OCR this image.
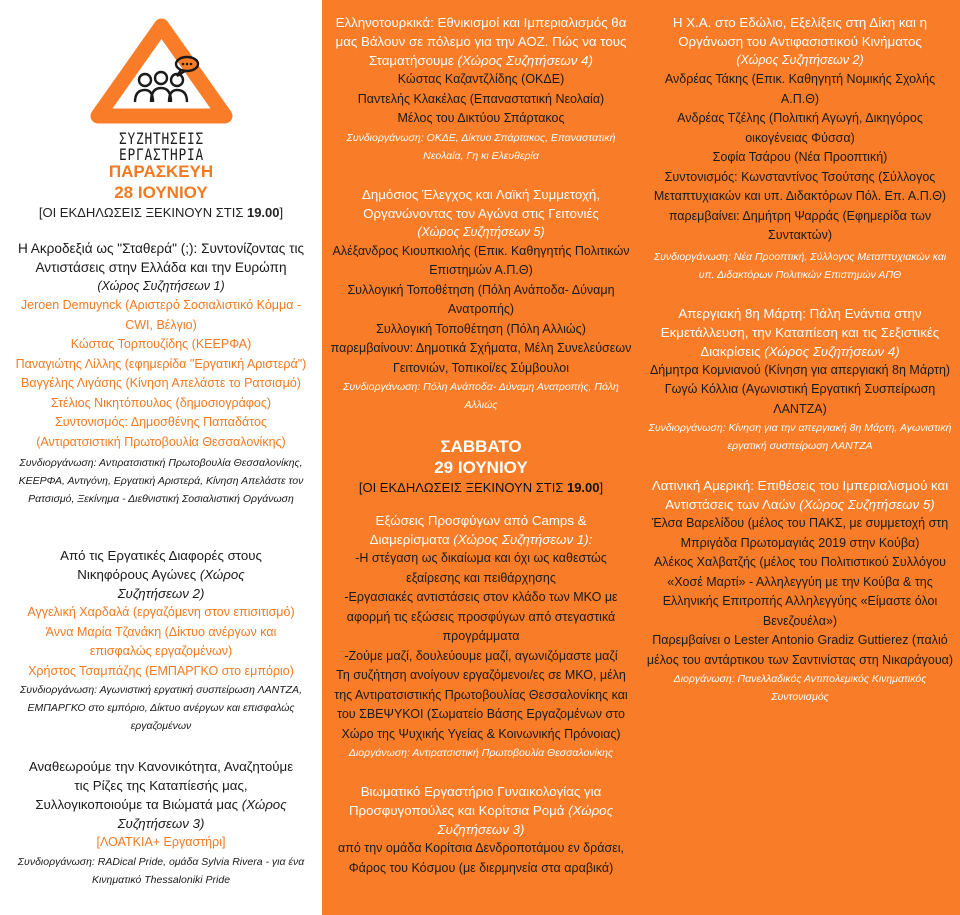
ΣΥΖΗΤΗΣΕΙΣ
ΕΡΓΑΣΤΗΡΙΑ
ΠΑΡΑΣΚΕΥΗ
28 ΙΟΥΝΙΟΥ
[ΟΙ ΕΚΔΗΛΩΣΕΙΣ ΞΕΚΙΝΟΥΝ ΣΤΙΣ 19.00]
Η Ακροδεξιά ως "Σταθερά" (;): Συντονίζοντας τις Αντιστάσεις στην Ελλάδα και την Ευρώπη
(Χώρος Συζητήσεων 1)
Jeroen Demuynck (Αριστερό Σοσιαλιστικό Κόμμα - CWI, Βέλγιο)
Κώστας Τορπουζίδης (ΚΕΕΡΦΑ)
Παναγιώτης Λίλλης (εφημερίδα "Εργατική Αριστερά")
Βαγγέλης Λιγάσης (Κίνηση Απελάστε το Ρατσισμό)
Στέλιος Νικητόπουλος (δημοσιογράφος)
Συντονισμός: Δημοσθένης Παπαδάτος (Αντιρατσιστική Πρωτοβουλία Θεσσαλονίκης)
Συνδιοργάνωση: Αντιρατσιστική Πρωτοβουλία Θεσσαλονίκης, ΚΕΕΡΦΑ, Αντιγόνη, Εργατική Αριστερά, Κίνηση Απελάστε τον Ρατσισμό, Ξεκίνημα - Διεθνιστική Σοσιαλιστική Οργάνωση
Από τις Εργατικές Διαφορές στους Νικηφόρους Αγώνες (Χώρος Συζητήσεων 2)
Αγγελική Χαρδαλά (εργαζόμενη στον επισιτισμό)
Άννα Μαρία Τζανάκη (Δίκτυο ανέργων και επισφαλώς εργαζομένων)
Χρήστος Τσαμπάζης (ΕΜΠΑΡΓΚΟ στο εμπόριο)
Συνδιοργάνωση: Αγωνιστική εργατική συσπείρωση ΛΑΝΤΖΑ, ΕΜΠΑΡΓΚΟ στο εμπόριο, Δίκτυο ανέργων και επισφαλώς εργαζομένων
Αναθεωρούμε την Κανονικότητα, Αναζητούμε τις Ρίζες της Καταπίεσής μας, Συλλογικοποιούμε τα Βιώματά μας (Χώρος Συζητήσεων 3)
[ΛΟΑΤΚΙΑ+ Εργαστήρι]
Συνδιοργάνωση: RADical Pride, ομάδα Sylvia Rivera - για ένα Κινηματικό Thessaloniki Pride
Ελληνοτουρκικά: Εθνικισμοί και Ιμπεριαλισμός θα μας Βάλουν σε πόλεμο για την ΑΟΖ. Πώς να τους Σταματήσουμε (Χώρος Συζητήσεων 4)
Κώστας Καζαντζλίδης (ΟΚΔΕ)
Παντελής Κλακέλας (Επαναστατική Νεολαία)
Μέλος του Δικτύου Σπάρτακος
Συνδιοργάνωση: ΟΚΔΕ, Δίκτυο Σπάρτακος, Επαναστατική Νεολαία, Γη κι Ελευθερία
Δημόσιος Έλεγχος και Λαϊκή Συμμετοχή, Οργανώνοντας τον Αγώνα στις Γειτονιές
(Χώρος Συζητήσεων 5)
Αλέξανδρος Κιουπκιολής (Επικ. Καθηγητής Πολιτικών Επιστημών Α.Π.Θ)
Συλλογική Τοποθέτηση (Πόλη Ανάποδα- Δύναμη Ανατροπής)
Συλλογική Τοποθέτηση (Πόλη Αλλιώς)
παρεμβαίνουν: Δημοτικά Σχήματα, Μέλη Συνελεύσεων Γειτονιών, Τοπικοί/ες Σύμβουλοι
Συνδιοργάνωση: Πόλη Ανάποδα- Δύναμη Ανατροπής, Πόλη Αλλιώς
ΣΑΒΒΑΤΟ
29 ΙΟΥΝΙΟΥ
[ΟΙ ΕΚΔΗΛΩΣΕΙΣ ΞΕΚΙΝΟΥΝ ΣΤΙΣ 19.00]
Εξώσεις Προσφύγων από Camps & Διαμερίσματα (Χώρος Συζητήσεων 1):
-Η στέγαση ως δικαίωμα και όχι ως καθεστώς εξαίρεσης και πειθάρχησης
-Εργασιακές αντιστάσεις στον κλάδο των ΜΚΟ με αφορμή τις εξώσεις προσφύγων από στεγαστικά προγράμματα
-Ζούμε μαζί, δουλεύουμε μαζί, αγωνιζόμαστε μαζί
Τη συζήτηση ανοίγουν εργαζόμενοι/ες σε ΜΚΟ, μέλη της Αντιρατσιστικής Πρωτοβουλίας Θεσσαλονίκης και του ΣΒΕΨΥΚΟΙ (Σωματείο Βάσης Εργαζομένων στο Χώρο της Ψυχικής Υγείας & Κοινωνικής Πρόνοιας)
Διοργάνωση: Αντιρατσιστική Πρωτοβουλία Θεσσαλονίκης
Βιωματικό Εργαστήριο Γυναικολογίας για Προσφυγοπούλες και Κορίτσια Ρομά (Χώρος Συζητήσεων 3)
από την ομάδα Κορίτσια Δενδροποτάμου εν δράσει, Φάρος του Κόσμου (με διερμηνεία στα αραβικά)
Η Χ.Α. στο Εδώλιο, Εξελίξεις στη Δίκη και η Οργάνωση του Αντιφασιστικού Κινήματος
(Χώρος Συζητήσεων 2)
Ανδρέας Τάκης (Επικ. Καθηγητή Νομικής Σχολής Α.Π.Θ)
Ανδρέας Τζέλης (Πολιτική Αγωγή, Δικηγόρος οικογένειας Φύσσα)
Σοφία Τσάρου (Νέα Προοπτική)
Συντονισμός: Κωνσταντίνος Τσούτσης (Σύλλογος Μεταπτυχιακών και υπ. Διδακτόρων Πόλ. Επ. Α.Π.Θ)
παρεμβαίνει: Δημήτρη Ψαρράς (Εφημερίδα των Συντακτών)
Συνδιοργάνωση: Νέα Προοπτική, Σύλλογος Μεταπτυχιακών και υπ. Διδακτόρων Πολιτικών Επιστημών ΑΠΘ
Απεργιακή 8η Μάρτη: Πάλη Ενάντια στην Εκμετάλλευση, την Καταπίεση και τις Σεξιστικές Διακρίσεις (Χώρος Συζητήσεων 4)
Δήμητρα Κομνιανού (Κίνηση για απεργιακή 8η Μάρτη)
Γωγώ Κόλλια (Αγωνιστική Εργατική Συσπείρωση ΛΑΝΤΖΑ)
Συνδιοργάνωση: Κίνηση για την απεργιακή 8η Μάρτη, Αγωνιστική εργατική συσπείρωση ΛΑΝΤΖΑ
Λατινική Αμερική: Επιθέσεις του Ιμπεριαλισμού και Αντιστάσεις των Λαών (Χώρος Συζητήσεων 5)
Έλσα Βαρελίδου (μέλος του ΠΑΚΣ, με συμμετοχή στη Μπριγάδα Πρωτομαγιάς 2019 στην Κούβα)
Αλέκος Χαλβατζής (μέλος του Πολιτιστικού Συλλόγου «Χοσέ Μαρτί» - Αλληλεγγύη με την Κούβα & της Ελληνικής Επιτροπής Αλληλεγγύης «Είμαστε όλοι Βενεζουέλα»)
Παρεμβαίνει ο Lester Antonio Gradiz Guttierez (παλιό μέλος του αντάρτικου των Σαντινίστας στη Νικαράγουα)
Διοργάνωση: Πανελλαδικός Αντιπολεμικός Κινηματικός Συντονισμός
